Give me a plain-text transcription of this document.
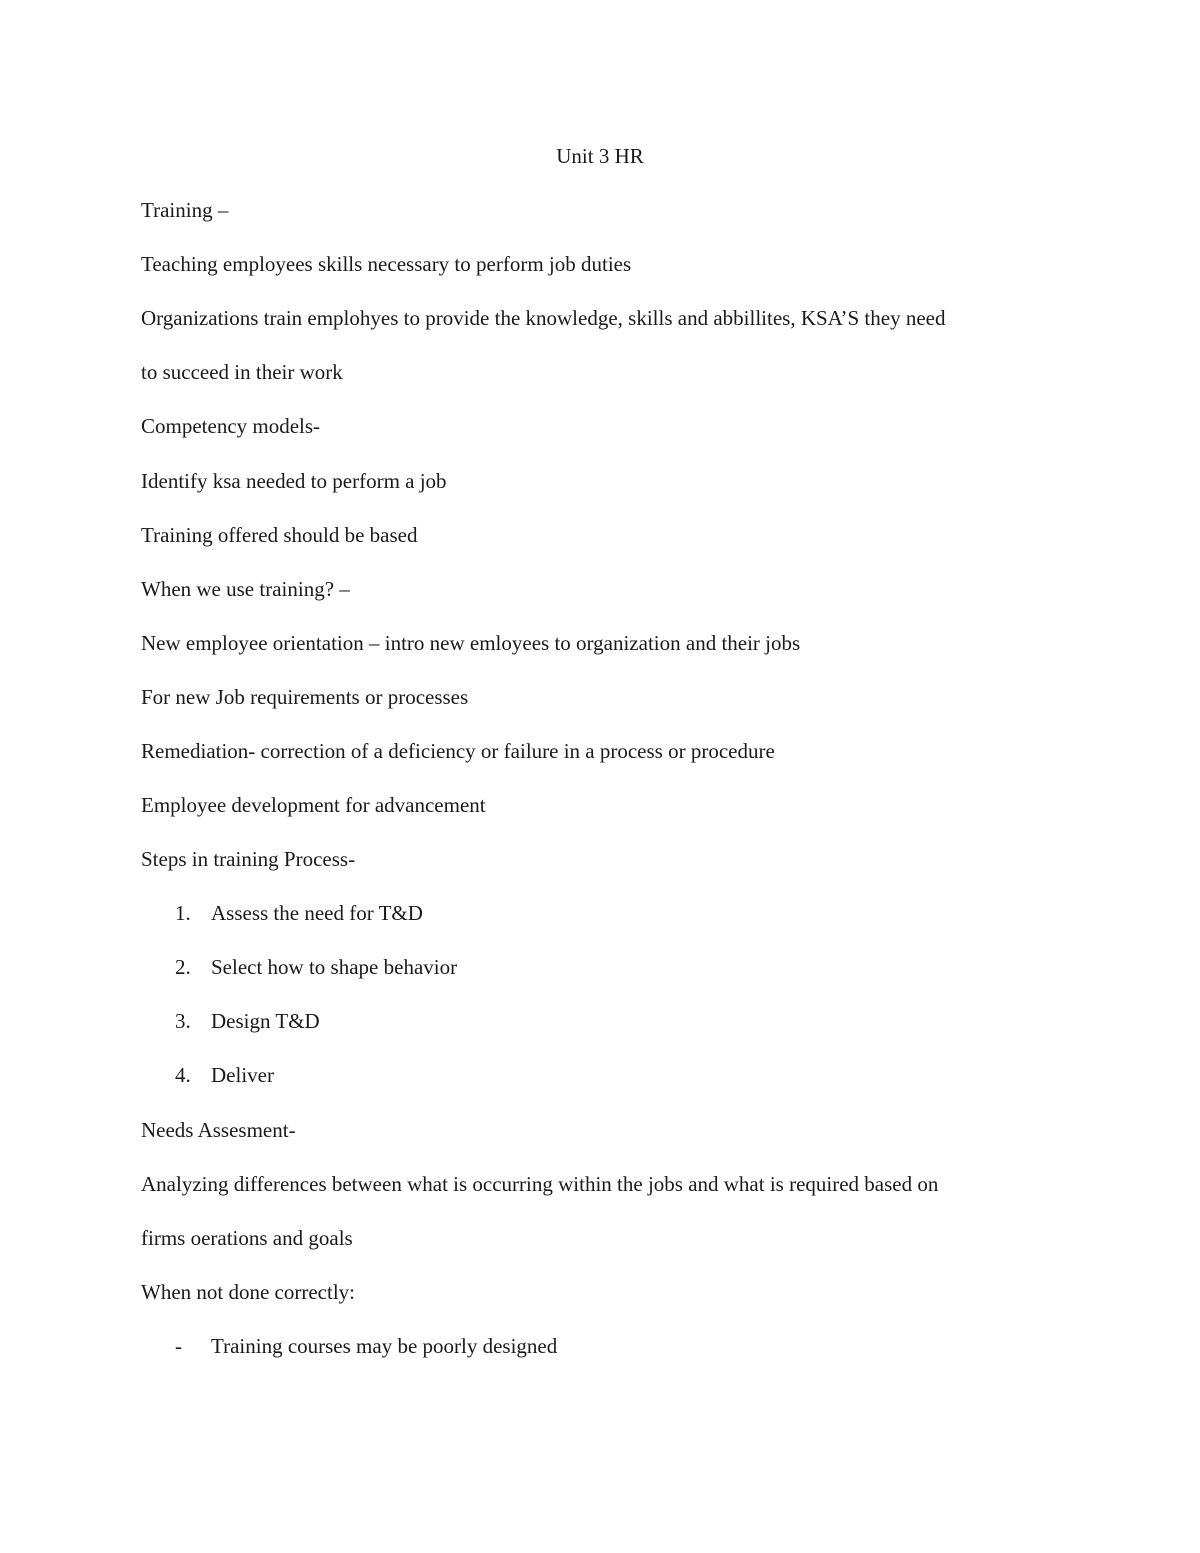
Unit 3 HR
Training –
Teaching employees skills necessary to perform job duties
Organizations train emplohyes to provide the knowledge, skills and abbillites, KSA’S they need
to succeed in their work
Competency models-
Identify ksa needed to perform a job
Training offered should be based
When we use training? –
New employee orientation – intro new emloyees to organization and their jobs
For new Job requirements or processes
Remediation- correction of a deficiency or failure in a process or procedure
Employee development for advancement
Steps in training Process-
1. Assess the need for T&D
2. Select how to shape behavior
3. Design T&D
4. Deliver
Needs Assesment-
Analyzing differences between what is occurring within the jobs and what is required based on
firms oerations and goals
When not done correctly:
- Training courses may be poorly designed
